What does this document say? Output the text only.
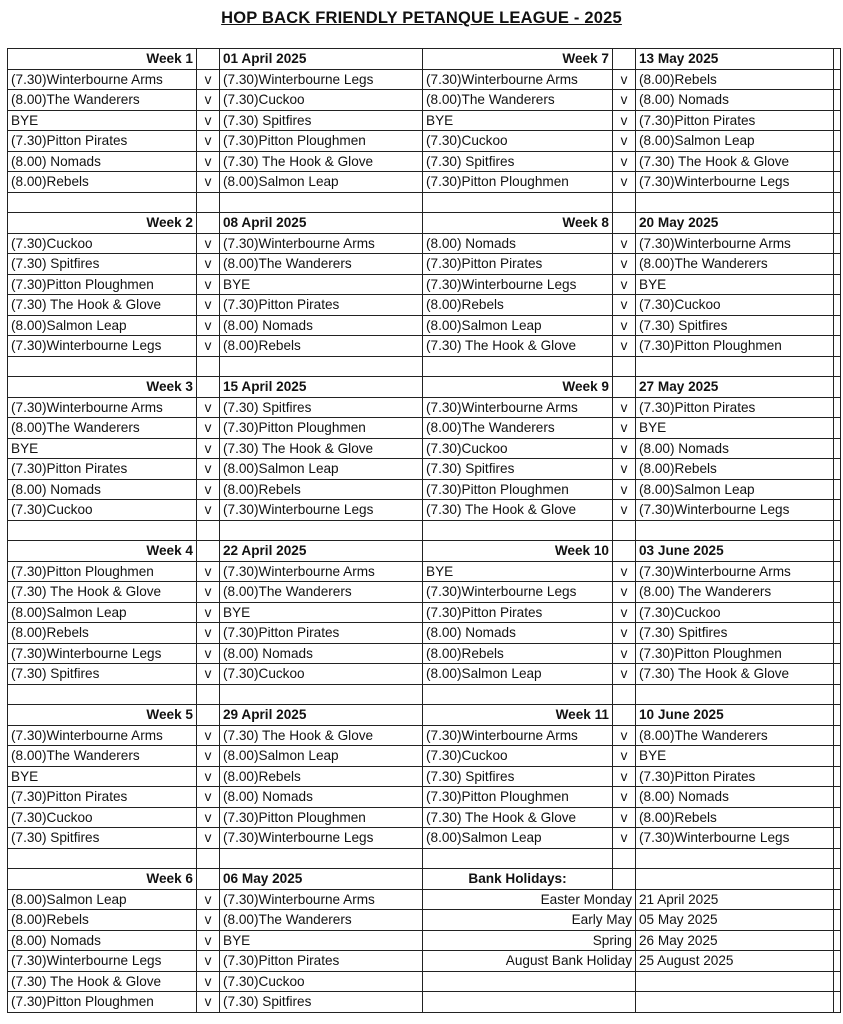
HOP BACK FRIENDLY PETANQUE LEAGUE - 2025
Week 1		01 April 2025	Week 7		13 May 2025	
(7.30)Winterbourne Arms	v	(7.30)Winterbourne Legs	(7.30)Winterbourne Arms	v	(8.00)Rebels	
(8.00)The Wanderers	v	(7.30)Cuckoo	(8.00)The Wanderers	v	(8.00) Nomads	
BYE	v	(7.30) Spitfires	BYE	v	(7.30)Pitton Pirates	
(7.30)Pitton Pirates	v	(7.30)Pitton Ploughmen	(7.30)Cuckoo	v	(8.00)Salmon Leap	
(8.00) Nomads	v	(7.30) The Hook & Glove	(7.30) Spitfires	v	(7.30) The Hook & Glove	
(8.00)Rebels	v	(8.00)Salmon Leap	(7.30)Pitton Ploughmen	v	(7.30)Winterbourne Legs	

Week 2		08 April 2025	Week 8		20 May 2025	
(7.30)Cuckoo	v	(7.30)Winterbourne Arms	(8.00) Nomads	v	(7.30)Winterbourne Arms	
(7.30) Spitfires	v	(8.00)The Wanderers	(7.30)Pitton Pirates	v	(8.00)The Wanderers	
(7.30)Pitton Ploughmen	v	BYE	(7.30)Winterbourne Legs	v	BYE	
(7.30) The Hook & Glove	v	(7.30)Pitton Pirates	(8.00)Rebels	v	(7.30)Cuckoo	
(8.00)Salmon Leap	v	(8.00) Nomads	(8.00)Salmon Leap	v	(7.30) Spitfires	
(7.30)Winterbourne Legs	v	(8.00)Rebels	(7.30) The Hook & Glove	v	(7.30)Pitton Ploughmen	

Week 3		15 April 2025	Week 9		27 May 2025	
(7.30)Winterbourne Arms	v	(7.30) Spitfires	(7.30)Winterbourne Arms	v	(7.30)Pitton Pirates	
(8.00)The Wanderers	v	(7.30)Pitton Ploughmen	(8.00)The Wanderers	v	BYE	
BYE	v	(7.30) The Hook & Glove	(7.30)Cuckoo	v	(8.00) Nomads	
(7.30)Pitton Pirates	v	(8.00)Salmon Leap	(7.30) Spitfires	v	(8.00)Rebels	
(8.00) Nomads	v	(8.00)Rebels	(7.30)Pitton Ploughmen	v	(8.00)Salmon Leap	
(7.30)Cuckoo	v	(7.30)Winterbourne Legs	(7.30) The Hook & Glove	v	(7.30)Winterbourne Legs	

Week 4		22 April 2025	Week 10		03 June 2025	
(7.30)Pitton Ploughmen	v	(7.30)Winterbourne Arms	BYE	v	(7.30)Winterbourne Arms	
(7.30) The Hook & Glove	v	(8.00)The Wanderers	(7.30)Winterbourne Legs	v	(8.00) The Wanderers	
(8.00)Salmon Leap	v	BYE	(7.30)Pitton Pirates	v	(7.30)Cuckoo	
(8.00)Rebels	v	(7.30)Pitton Pirates	(8.00) Nomads	v	(7.30) Spitfires	
(7.30)Winterbourne Legs	v	(8.00) Nomads	(8.00)Rebels	v	(7.30)Pitton Ploughmen	
(7.30) Spitfires	v	(7.30)Cuckoo	(8.00)Salmon Leap	v	(7.30) The Hook & Glove	

Week 5		29 April 2025	Week 11		10 June 2025	
(7.30)Winterbourne Arms	v	(7.30) The Hook & Glove	(7.30)Winterbourne Arms	v	(8.00)The Wanderers	
(8.00)The Wanderers	v	(8.00)Salmon Leap	(7.30)Cuckoo	v	BYE	
BYE	v	(8.00)Rebels	(7.30) Spitfires	v	(7.30)Pitton Pirates	
(7.30)Pitton Pirates	v	(8.00) Nomads	(7.30)Pitton Ploughmen	v	(8.00) Nomads	
(7.30)Cuckoo	v	(7.30)Pitton Ploughmen	(7.30) The Hook & Glove	v	(8.00)Rebels	
(7.30) Spitfires	v	(7.30)Winterbourne Legs	(8.00)Salmon Leap	v	(7.30)Winterbourne Legs	

Week 6		06 May 2025	Bank Holidays:			
(8.00)Salmon Leap	v	(7.30)Winterbourne Arms	Easter Monday		21 April 2025	
(8.00)Rebels	v	(8.00)The Wanderers	Early May		05 May 2025	
(8.00) Nomads	v	BYE	Spring		26 May 2025	
(7.30)Winterbourne Legs	v	(7.30)Pitton Pirates	August Bank Holiday		25 August 2025	
(7.30) The Hook & Glove	v	(7.30)Cuckoo				
(7.30)Pitton Ploughmen	v	(7.30) Spitfires				
